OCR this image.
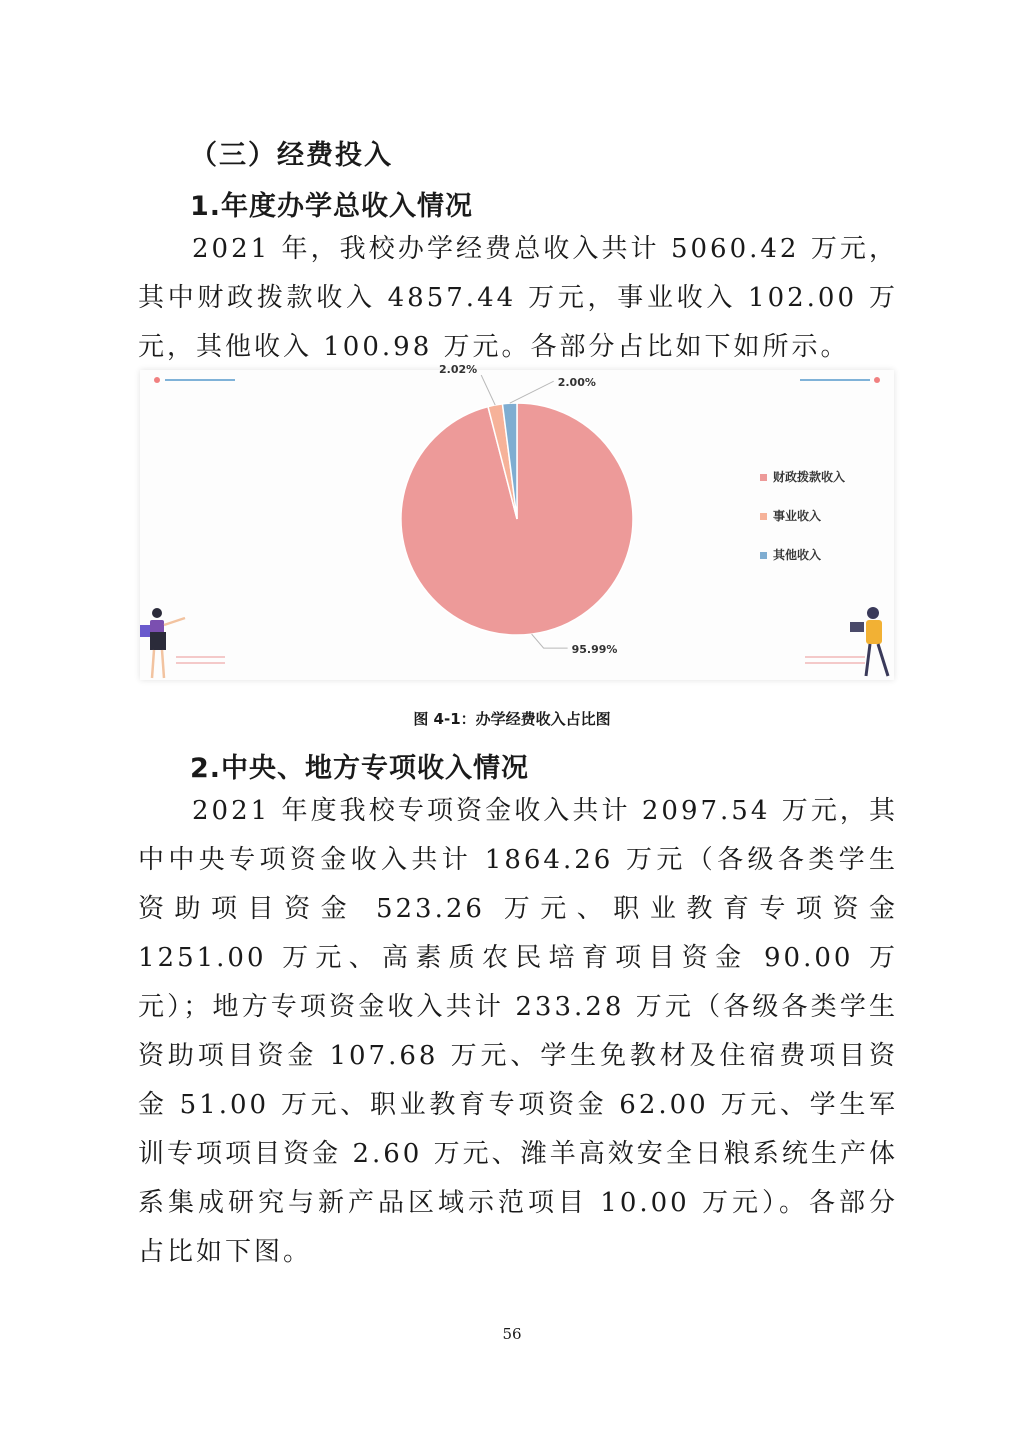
（三）经费投入
1.年度办学总收入情况

2021 年，我校办学经费总收入共计 5060.42 万元，其中财政拨款收入 4857.44 万元，事业收入 102.00 万元，其他收入 100.98 万元。各部分占比如下如所示。

95.99%
2.02%
2.00%
财政拨款收入
事业收入
其他收入
图 4-1：办学经费收入占比图
2.中央、地方专项收入情况

2021 年度我校专项资金收入共计 2097.54 万元，其中中央专项资金收入共计 1864.26 万元（各级各类学生资助项目资金 523.26 万元、职业教育专项资金 1251.00 万元、高素质农民培育项目资金 90.00 万元）；地方专项资金收入共计 233.28 万元（各级各类学生资助项目资金 107.68 万元、学生免教材及住宿费项目资金 51.00 万元、职业教育专项资金 62.00 万元、学生军训专项项目资金 2.60 万元、潍羊高效安全日粮系统生产体系集成研究与新产品区域示范项目 10.00 万元）。各部分占比如下图。

56
